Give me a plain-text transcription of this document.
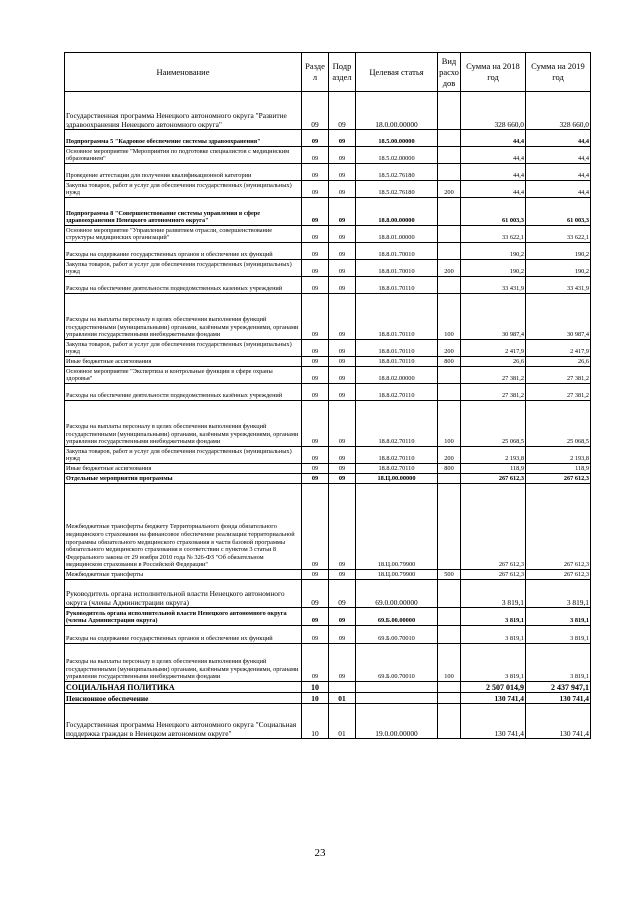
Наименование	Разде л	Подр аздел	Целевая статья	Вид расхо дов	Сумма на 2018 год	Сумма на 2019 год
Государственная программа Ненецкого автономного округа "Развитие здравоохранения Ненецкого автономного округа"	09	09	18.0.00.00000		328 660,0	328 660,0
Подпрограмма 5 "Кадровое обеспечение системы здравоохранения"	09	09	18.5.00.00000		44,4	44,4
Основное мероприятие "Мероприятия по подготовке специалистов с медицинским образованием"	09	09	18.5.02.00000		44,4	44,4
Проведение аттестации для получения квалификационной категории	09	09	18.5.02.76180		44,4	44,4
Закупка товаров, работ и услуг для обеспечения государственных (муниципальных) нужд	09	09	18.5.02.76180	200	44,4	44,4
Подпрограмма 8 "Совершенствование системы управления в сфере здравоохранения Ненецкого автономного округа"	09	09	18.8.00.00000		61 003,3	61 003,3
Основное мероприятие "Управление развитием отрасли, совершенствование структуры медицинских организаций"	09	09	18.8.01.00000		33 622,1	33 622,1
Расходы на содержание государственных органов и обеспечение их функций	09	09	18.8.01.70010		190,2	190,2
Закупка товаров, работ и услуг для обеспечения государственных (муниципальных) нужд	09	09	18.8.01.70010	200	190,2	190,2
Расходы на обеспечение деятельности подведомственных казенных учреждений	09	09	18.8.01.70110		33 431,9	33 431,9
Расходы на выплаты персоналу в целях обеспечения выполнения функций государственными (муниципальными) органами, казёнными учреждениями, органами управления государственными внебюджетными фондами	09	09	18.8.01.70110	100	30 987,4	30 987,4
Закупка товаров, работ и услуг для обеспечения государственных (муниципальных) нужд	09	09	18.8.01.70110	200	2 417,9	2 417,9
Иные бюджетные ассигнования	09	09	18.8.01.70110	800	26,6	26,6
Основное мероприятие "Экспертиза и контрольные функции в сфере охраны здоровья"	09	09	18.8.02.00000		27 381,2	27 381,2
Расходы на обеспечение деятельности подведомственных казённых учреждений	09	09	18.8.02.70110		27 381,2	27 381,2
Расходы на выплаты персоналу в целях обеспечения выполнения функций государственными (муниципальными) органами, казёнными учреждениями, органами управления государственными внебюджетными фондами	09	09	18.8.02.70110	100	25 068,5	25 068,5
Закупка товаров, работ и услуг для обеспечения государственных (муниципальных) нужд	09	09	18.8.02.70110	200	2 193,8	2 193,8
Иные бюджетные ассигнования	09	09	18.8.02.70110	800	118,9	118,9
Отдельные мероприятия программы	09	09	18.Ц.00.00000		267 612,3	267 612,3
Межбюджетные трансферты бюджету Территориального фонда обязательного медицинского страхования на финансовое обеспечение реализации территориальной программы обязательного медицинского страхования в части базовой программы обязательного медицинского страхования в соответствии с пунктом 3 статьи 8 Федерального закона от 29 ноября 2010 года № 326-ФЗ "Об обязательном медицинском страховании в Российской Федерации"	09	09	18.Ц.00.79900		267 612,3	267 612,3
Межбюджетные трансферты	09	09	18.Ц.00.79900	500	267 612,3	267 612,3
Руководитель органа исполнительной власти Ненецкого автономного округа (члены Администрации округа)	09	09	69.0.00.00000		3 819,1	3 819,1
Руководитель органа исполнительной власти Ненецкого автономного округа (члены Администрации округа)	09	09	69.Б.00.00000		3 819,1	3 819,1
Расходы на содержание государственных органов и обеспечение их функций	09	09	69.Б.00.70010		3 819,1	3 819,1
Расходы на выплаты персоналу в целях обеспечения выполнения функций государственными (муниципальными) органами, казёнными учреждениями, органами управления государственными внебюджетными фондами	09	09	69.Б.00.70010	100	3 819,1	3 819,1
СОЦИАЛЬНАЯ ПОЛИТИКА	10				2 507 014,9	2 437 947,1
Пенсионное обеспечение	10	01			130 741,4	130 741,4
Государственная программа Ненецкого автономного округа "Социальная поддержка граждан в Ненецком автономном округе"	10	01	19.0.00.00000		130 741,4	130 741,4
23
